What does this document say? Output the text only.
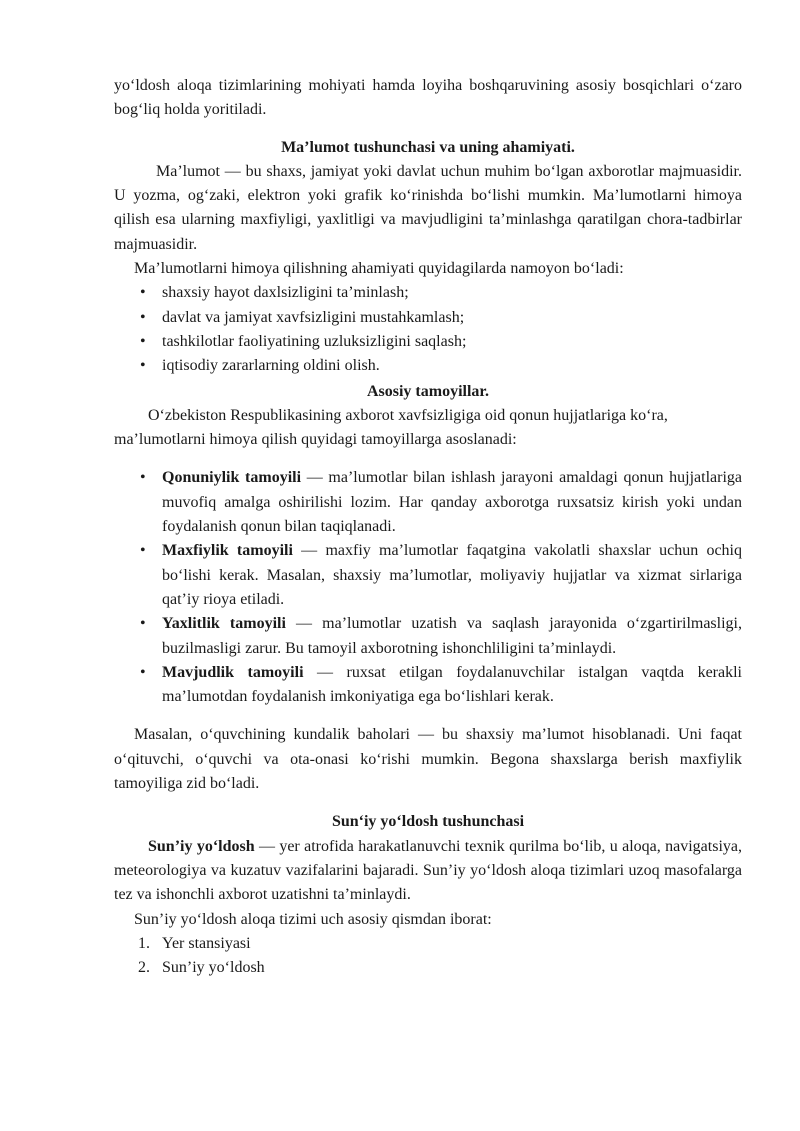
yo‘ldosh aloqa tizimlarining mohiyati hamda loyiha boshqaruvining asosiy bosqichlari o‘zaro bog‘liq holda yoritiladi.

Ma’lumot tushunchasi va uning ahamiyati.

Ma’lumot — bu shaxs, jamiyat yoki davlat uchun muhim bo‘lgan axborotlar majmuasidir. U yozma, og‘zaki, elektron yoki grafik ko‘rinishda bo‘lishi mumkin. Ma’lumotlarni himoya qilish esa ularning maxfiyligi, yaxlitligi va mavjudligini ta’minlashga qaratilgan chora-tadbirlar majmuasidir.

Ma’lumotlarni himoya qilishning ahamiyati quyidagilarda namoyon bo‘ladi:

• shaxsiy hayot daxlsizligini ta’minlash;
• davlat va jamiyat xavfsizligini mustahkamlash;
• tashkilotlar faoliyatining uzluksizligini saqlash;
• iqtisodiy zararlarning oldini olish.
Asosiy tamoyillar.

O‘zbekiston Respublikasining axborot xavfsizligiga oid qonun hujjatlariga ko‘ra, ma’lumotlarni himoya qilish quyidagi tamoyillarga asoslanadi:

• Qonuniylik tamoyili — ma’lumotlar bilan ishlash jarayoni amaldagi qonun hujjatlariga muvofiq amalga oshirilishi lozim. Har qanday axborotga ruxsatsiz kirish yoki undan foydalanish qonun bilan taqiqlanadi.
• Maxfiylik tamoyili — maxfiy ma’lumotlar faqatgina vakolatli shaxslar uchun ochiq bo‘lishi kerak. Masalan, shaxsiy ma’lumotlar, moliyaviy hujjatlar va xizmat sirlariga qat’iy rioya etiladi.
• Yaxlitlik tamoyili — ma’lumotlar uzatish va saqlash jarayonida o‘zgartirilmasligi, buzilmasligi zarur. Bu tamoyil axborotning ishonchliligini ta’minlaydi.
• Mavjudlik tamoyili — ruxsat etilgan foydalanuvchilar istalgan vaqtda kerakli ma’lumotdan foydalanish imkoniyatiga ega bo‘lishlari kerak.

Masalan, o‘quvchining kundalik baholari — bu shaxsiy ma’lumot hisoblanadi. Uni faqat o‘qituvchi, o‘quvchi va ota-onasi ko‘rishi mumkin. Begona shaxslarga berish maxfiylik tamoyiliga zid bo‘ladi.

Sun‘iy yo‘ldosh tushunchasi

Sun’iy yo‘ldosh — yer atrofida harakatlanuvchi texnik qurilma bo‘lib, u aloqa, navigatsiya, meteorologiya va kuzatuv vazifalarini bajaradi. Sun’iy yo‘ldosh aloqa tizimlari uzoq masofalarga tez va ishonchli axborot uzatishni ta’minlaydi.

Sun’iy yo‘ldosh aloqa tizimi uch asosiy qismdan iborat:

1. Yer stansiyasi
2. Sun’iy yo‘ldosh
